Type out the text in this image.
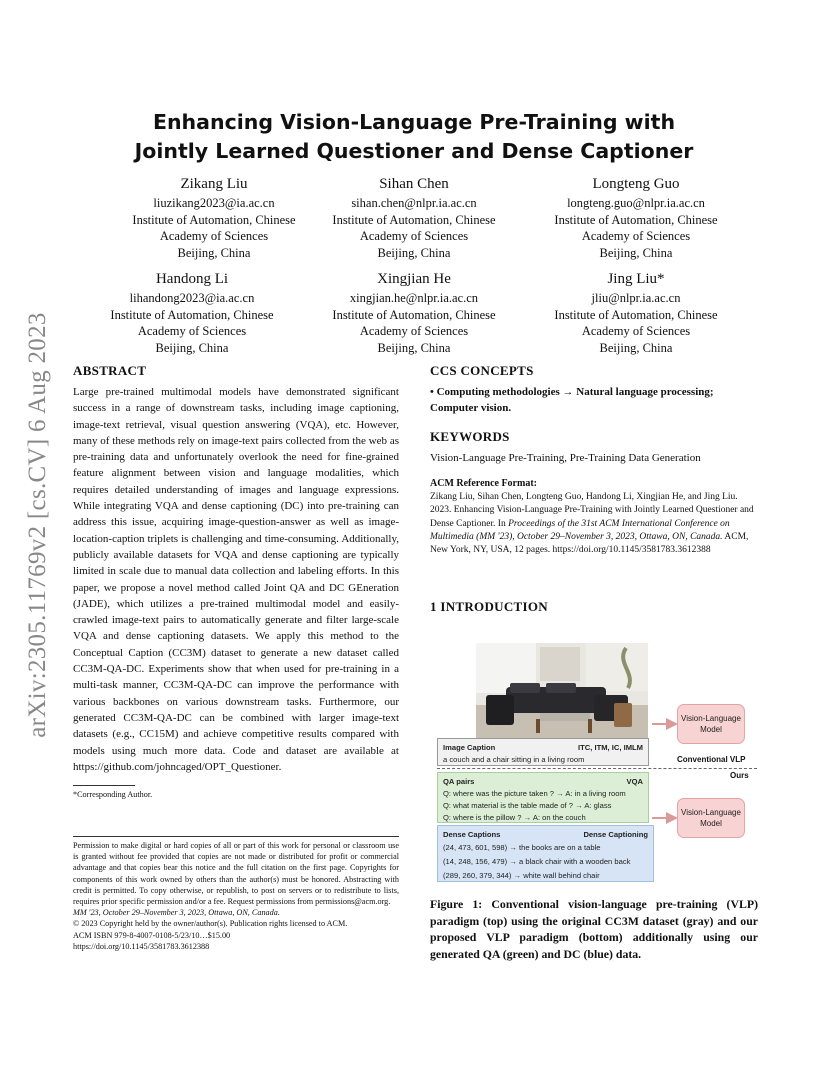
arXiv:2305.11769v2 [cs.CV] 6 Aug 2023
Enhancing Vision-Language Pre-Training with
Jointly Learned Questioner and Dense Captioner
Zikang Liu
liuzikang2023@ia.ac.cn
Institute of Automation, Chinese
Academy of Sciences
Beijing, China
Sihan Chen
sihan.chen@nlpr.ia.ac.cn
Institute of Automation, Chinese
Academy of Sciences
Beijing, China
Longteng Guo
longteng.guo@nlpr.ia.ac.cn
Institute of Automation, Chinese
Academy of Sciences
Beijing, China
Handong Li
lihandong2023@ia.ac.cn
Institute of Automation, Chinese
Academy of Sciences
Beijing, China
Xingjian He
xingjian.he@nlpr.ia.ac.cn
Institute of Automation, Chinese
Academy of Sciences
Beijing, China
Jing Liu*
jliu@nlpr.ia.ac.cn
Institute of Automation, Chinese
Academy of Sciences
Beijing, China
ABSTRACT
Large pre-trained multimodal models have demonstrated significant success in a range of downstream tasks, including image captioning, image-text retrieval, visual question answering (VQA), etc. However, many of these methods rely on image-text pairs collected from the web as pre-training data and unfortunately overlook the need for fine-grained feature alignment between vision and language modalities, which requires detailed understanding of images and language expressions. While integrating VQA and dense captioning (DC) into pre-training can address this issue, acquiring image-question-answer as well as image-location-caption triplets is challenging and time-consuming. Additionally, publicly available datasets for VQA and dense captioning are typically limited in scale due to manual data collection and labeling efforts. In this paper, we propose a novel method called Joint QA and DC GEneration (JADE), which utilizes a pre-trained multimodal model and easily-crawled image-text pairs to automatically generate and filter large-scale VQA and dense captioning datasets. We apply this method to the Conceptual Caption (CC3M) dataset to generate a new dataset called CC3M-QA-DC. Experiments show that when used for pre-training in a multi-task manner, CC3M-QA-DC can improve the performance with various backbones on various downstream tasks. Furthermore, our generated CC3M-QA-DC can be combined with larger image-text datasets (e.g., CC15M) and achieve competitive results compared with models using much more data. Code and dataset are available at https://github.com/johncaged/OPT_Questioner.
*Corresponding Author.
Permission to make digital or hard copies of all or part of this work for personal or classroom use is granted without fee provided that copies are not made or distributed for profit or commercial advantage and that copies bear this notice and the full citation on the first page. Copyrights for components of this work owned by others than the author(s) must be honored. Abstracting with credit is permitted. To copy otherwise, or republish, to post on servers or to redistribute to lists, requires prior specific permission and/or a fee. Request permissions from permissions@acm.org.
MM '23, October 29–November 3, 2023, Ottawa, ON, Canada.
© 2023 Copyright held by the owner/author(s). Publication rights licensed to ACM.
ACM ISBN 979-8-4007-0108-5/23/10…$15.00
https://doi.org/10.1145/3581783.3612388
CCS CONCEPTS
• Computing methodologies → Natural language processing; Computer vision.
KEYWORDS
Vision-Language Pre-Training, Pre-Training Data Generation
ACM Reference Format:
Zikang Liu, Sihan Chen, Longteng Guo, Handong Li, Xingjian He, and Jing Liu. 2023. Enhancing Vision-Language Pre-Training with Jointly Learned Questioner and Dense Captioner. In Proceedings of the 31st ACM International Conference on Multimedia (MM '23), October 29–November 3, 2023, Ottawa, ON, Canada. ACM, New York, NY, USA, 12 pages. https://doi.org/10.1145/3581783.3612388
1 INTRODUCTION
Image Caption	ITC, ITM, IC, IMLM
a couch and a chair sitting in a living room
Vision-Language Model
Vision-Language Model
Conventional VLP
Ours
QA pairs	VQA
Q: where was the picture taken ? → A: in a living room
Q: what material is the table made of ? → A: glass
Q: where is the pillow ? → A: on the couch
Dense Captions	Dense Captioning
(24, 473, 601, 598) → the books are on a table
(14, 248, 156, 479) → a black chair with a wooden back
(289, 260, 379, 344) → white wall behind chair
Figure 1: Conventional vision-language pre-training (VLP) paradigm (top) using the original CC3M dataset (gray) and our proposed VLP paradigm (bottom) additionally using our generated QA (green) and DC (blue) data.
